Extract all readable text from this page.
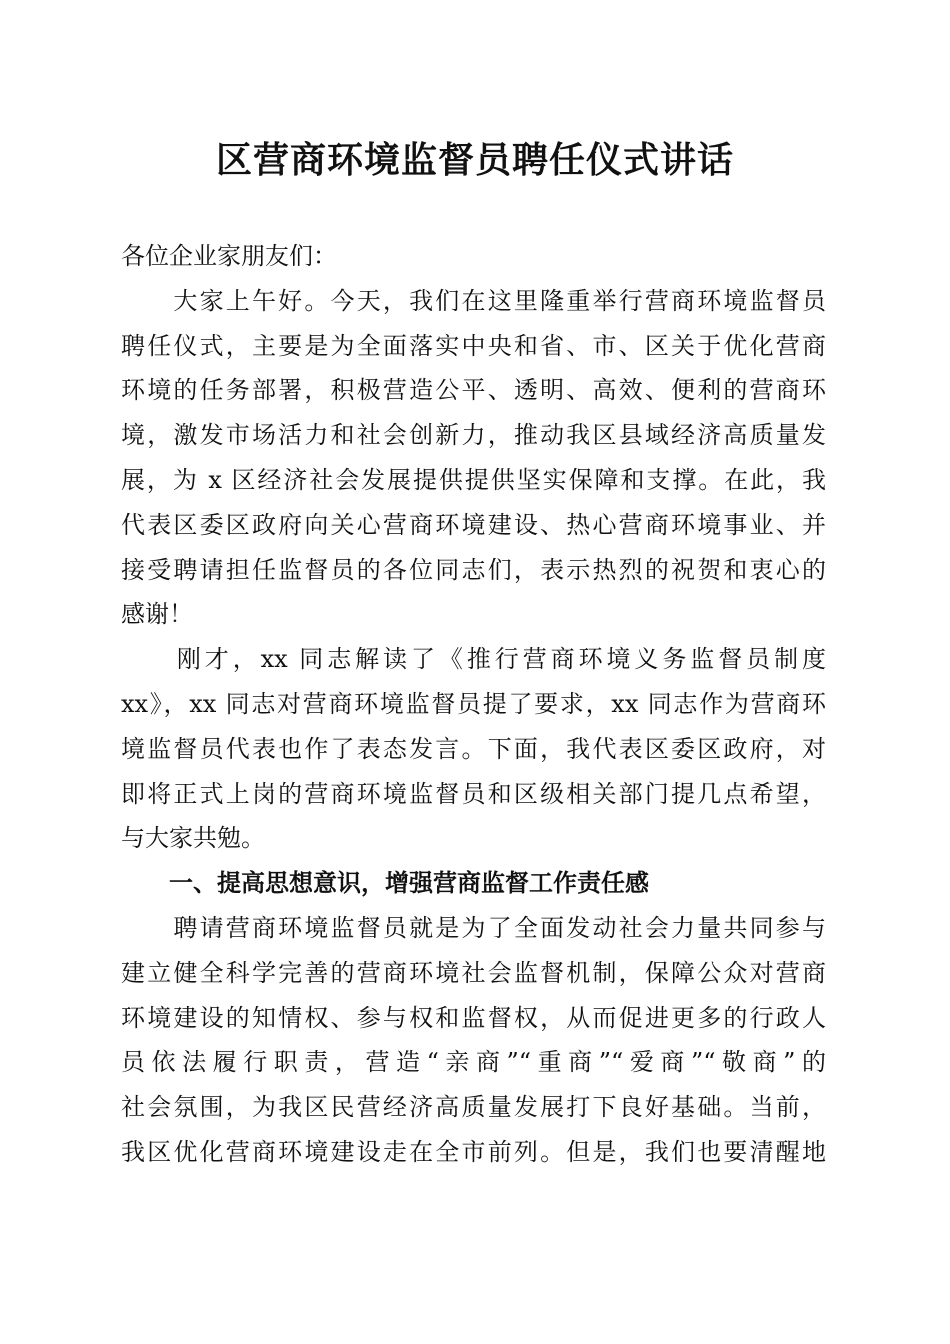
区营商环境监督员聘任仪式讲话
各位企业家朋友们：
　　大家上午好。今天，我们在这里隆重举行营商环境监督员
聘任仪式，主要是为全面落实中央和省、市、区关于优化营商
环境的任务部署，积极营造公平、透明、高效、便利的营商环
境，激发市场活力和社会创新力，推动我区县域经济高质量发
展，为 x 区经济社会发展提供提供坚实保障和支撑。在此，我
代表区委区政府向关心营商环境建设、热心营商环境事业、并
接受聘请担任监督员的各位同志们，表示热烈的祝贺和衷心的
感谢！
　　刚才，xx 同志解读了《推行营商环境义务监督员制度
xx》，xx 同志对营商环境监督员提了要求，xx 同志作为营商环
境监督员代表也作了表态发言。下面，我代表区委区政府，对
即将正式上岗的营商环境监督员和区级相关部门提几点希望，
与大家共勉。
一、提高思想意识，增强营商监督工作责任感
　　聘请营商环境监督员就是为了全面发动社会力量共同参与
建立健全科学完善的营商环境社会监督机制，保障公众对营商
环境建设的知情权、参与权和监督权，从而促进更多的行政人
员依法履行职责，营造“亲商”“重商”“爱商”“敬商”的
社会氛围，为我区民营经济高质量发展打下良好基础。当前，
我区优化营商环境建设走在全市前列。但是，我们也要清醒地
